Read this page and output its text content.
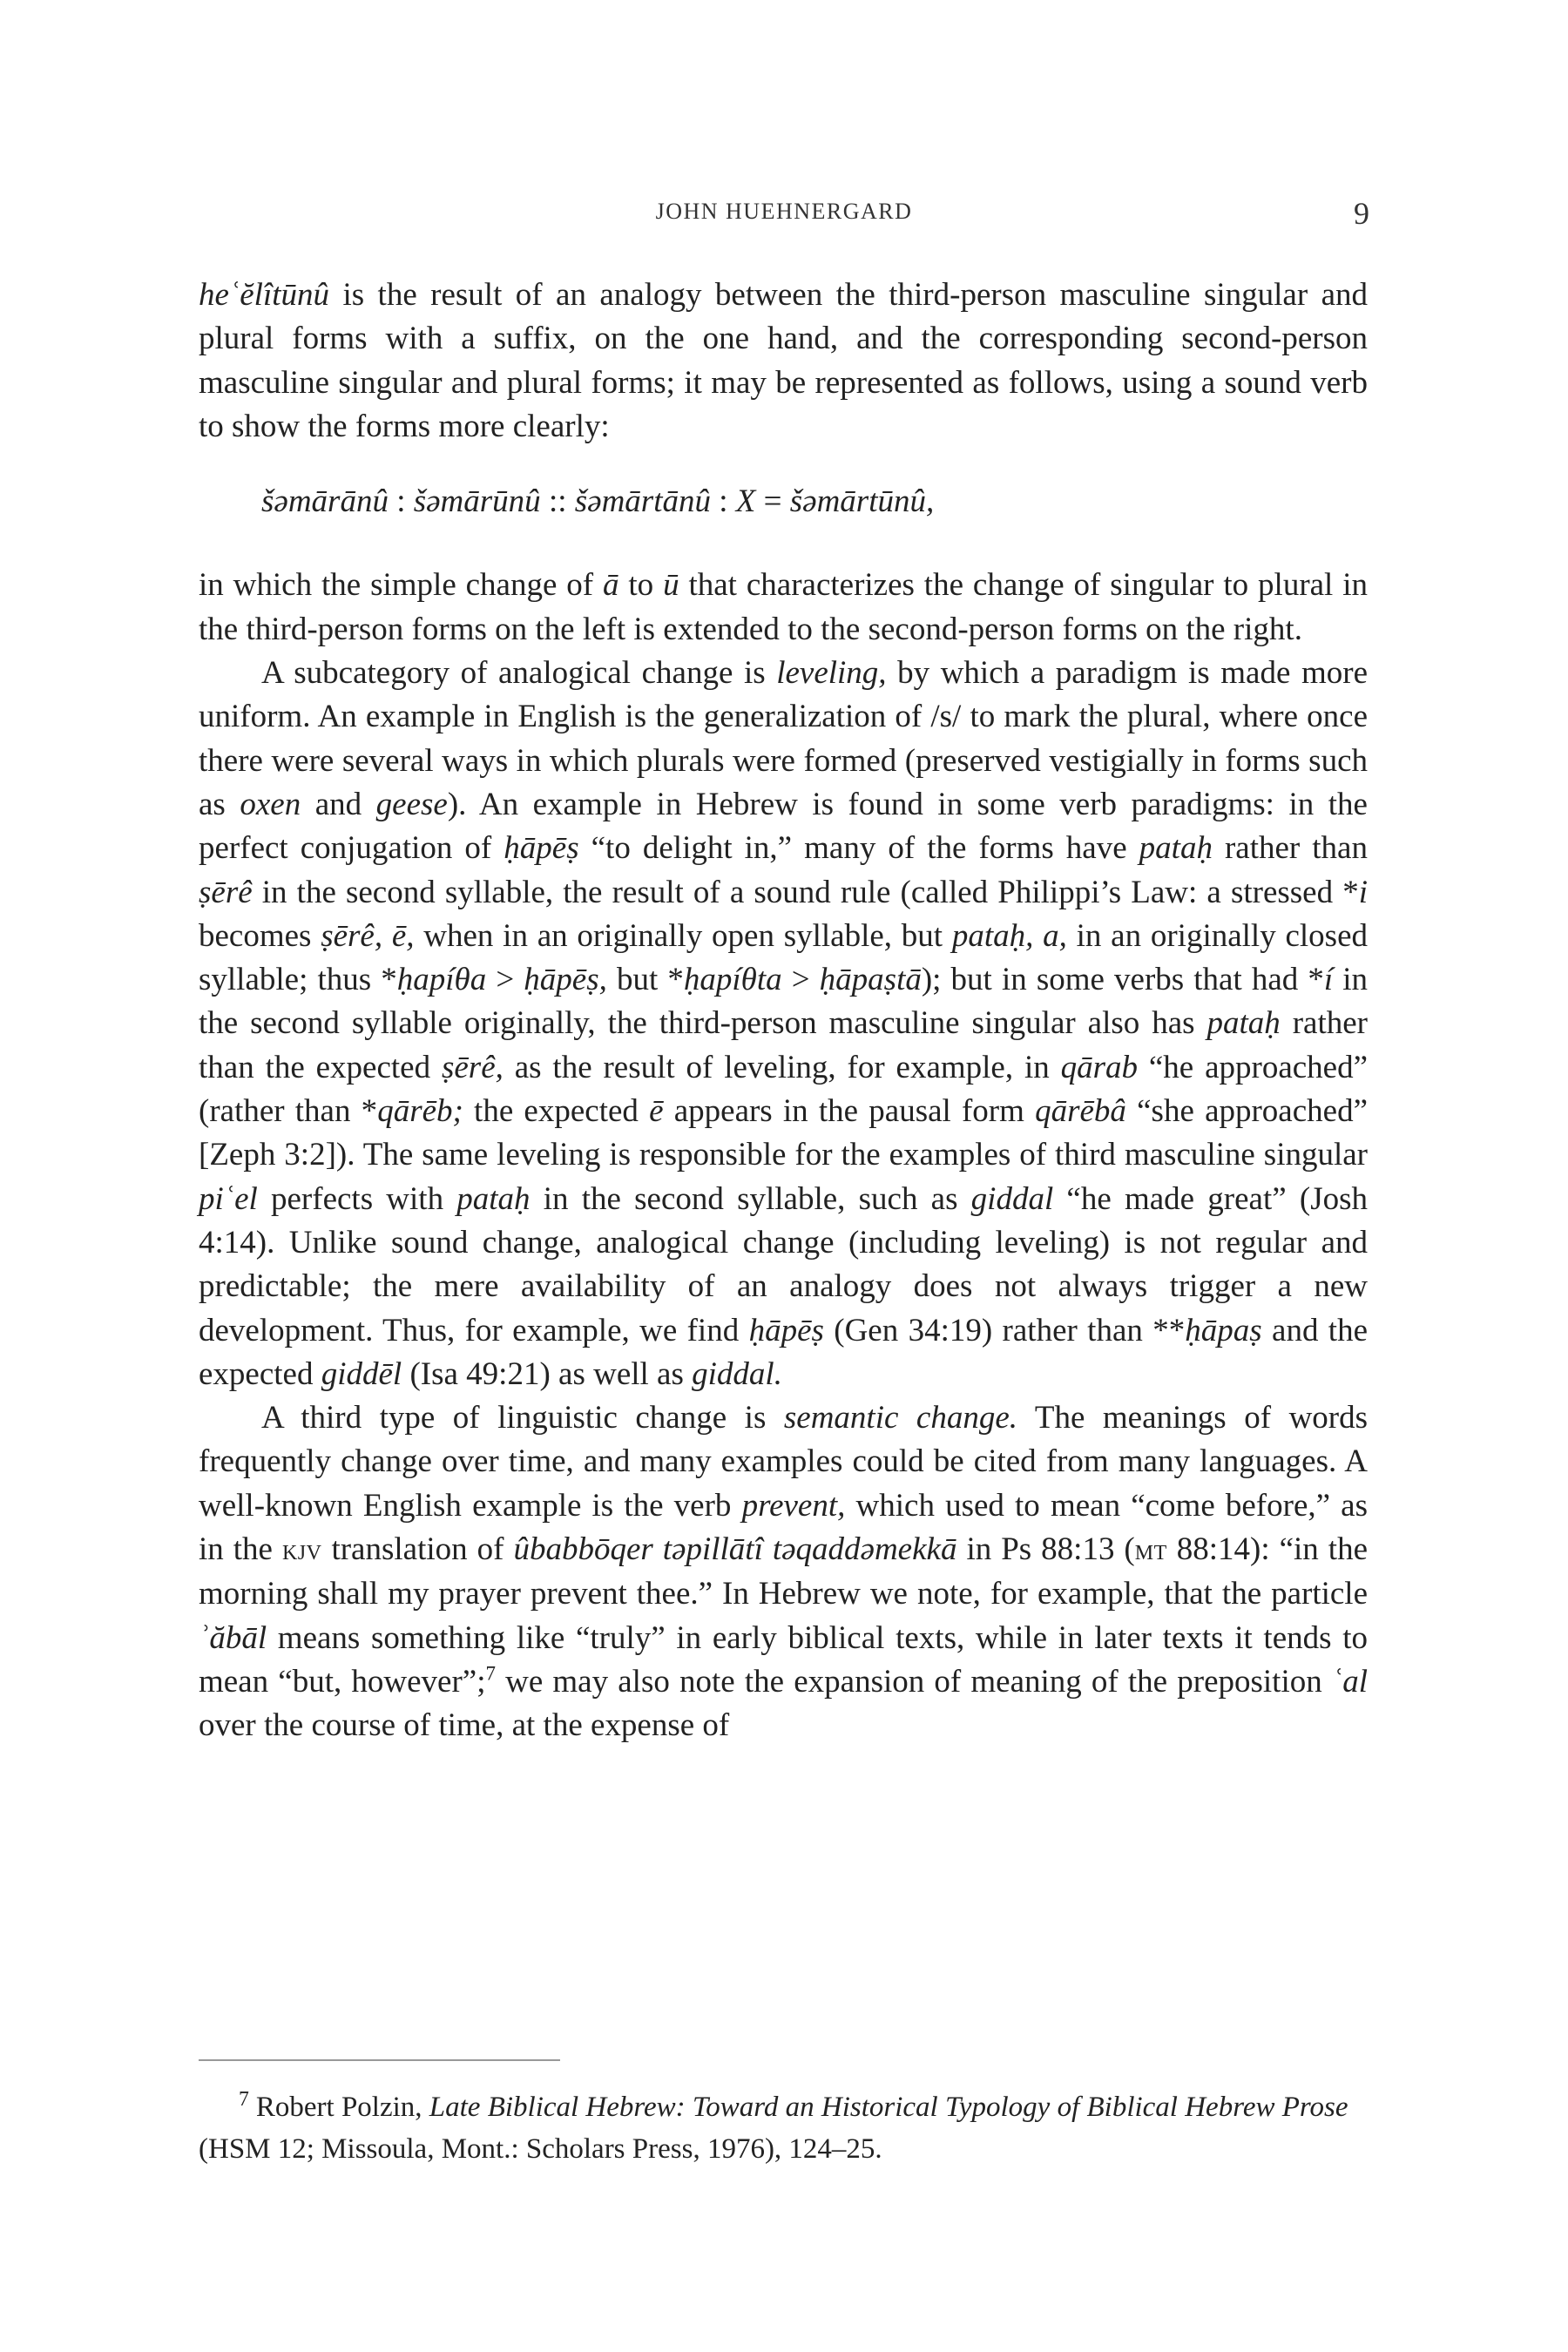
JOHN HUEHNERGARD	9

heʿĕlîtūnû is the result of an analogy between the third-person masculine singular and plural forms with a suffix, on the one hand, and the corresponding second-person masculine singular and plural forms; it may be represented as follows, using a sound verb to show the forms more clearly:

šəmārānû : šəmārūnû :: šəmārtānû : X = šəmārtūnû,

in which the simple change of ā to ū that characterizes the change of singular to plural in the third-person forms on the left is extended to the second-person forms on the right.

A subcategory of analogical change is leveling, by which a paradigm is made more uniform. An example in English is the generalization of /s/ to mark the plural, where once there were several ways in which plurals were formed (preserved vestigially in forms such as oxen and geese). An example in Hebrew is found in some verb paradigms: in the perfect conjugation of ḥāpēṣ “to delight in,” many of the forms have pataḥ rather than ṣērê in the second syllable, the result of a sound rule (called Philippi’s Law: a stressed *i becomes ṣērê, ē, when in an originally open syllable, but pataḥ, a, in an originally closed syllable; thus *ḥapíθa > ḥāpēṣ, but *ḥapíθta > ḥāpaṣtā); but in some verbs that had *í in the second syllable originally, the third-person masculine singular also has pataḥ rather than the expected ṣērê, as the result of leveling, for example, in qārab “he approached” (rather than *qārēb; the expected ē appears in the pausal form qārēbâ “she approached” [Zeph 3:2]). The same leveling is responsible for the examples of third masculine singular piʿel perfects with pataḥ in the second syllable, such as giddal “he made great” (Josh 4:14). Unlike sound change, analogical change (including leveling) is not regular and predictable; the mere availability of an analogy does not always trigger a new development. Thus, for example, we find ḥāpēṣ (Gen 34:19) rather than **ḥāpaṣ and the expected giddēl (Isa 49:21) as well as giddal.

A third type of linguistic change is semantic change. The meanings of words frequently change over time, and many examples could be cited from many languages. A well-known English example is the verb prevent, which used to mean “come before,” as in the kjv translation of ûbabbōqer təpillātî təqaddəmekkā in Ps 88:13 (mt 88:14): “in the morning shall my prayer prevent thee.” In Hebrew we note, for example, that the particle ʾăbāl means something like “truly” in early biblical texts, while in later texts it tends to mean “but, however”;$^7$ we may also note the expansion of meaning of the preposition ʿal over the course of time, at the expense of

$^7$ Robert Polzin, Late Biblical Hebrew: Toward an Historical Typology of Biblical Hebrew Prose (HSM 12; Missoula, Mont.: Scholars Press, 1976), 124–25.
